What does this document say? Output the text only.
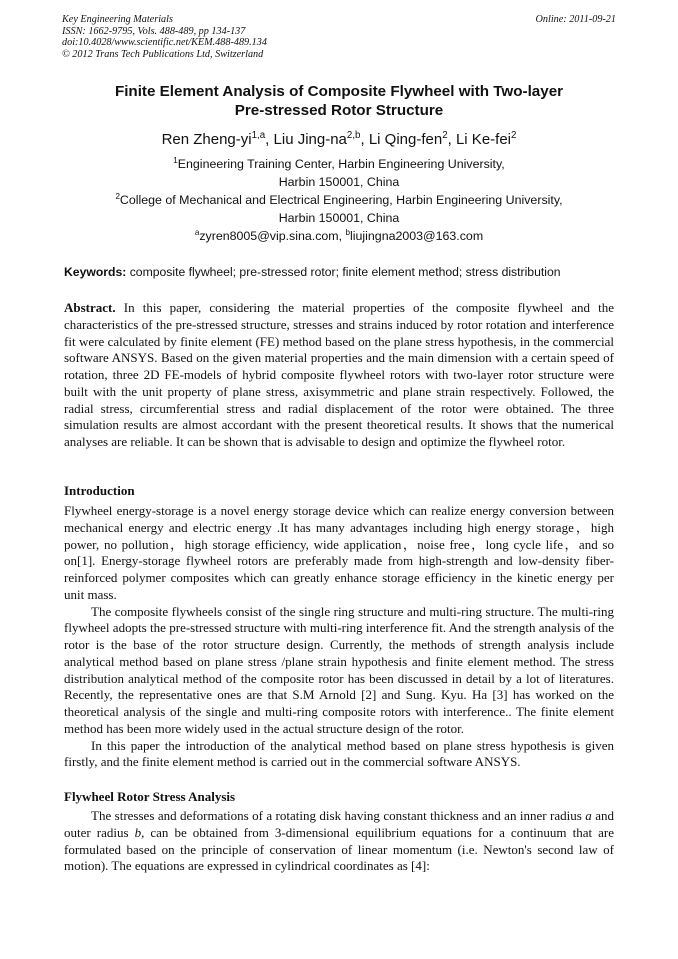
Key Engineering Materials
ISSN: 1662-9795, Vols. 488-489, pp 134-137
doi:10.4028/www.scientific.net/KEM.488-489.134
© 2012 Trans Tech Publications Ltd, Switzerland
Online: 2011-09-21
Finite Element Analysis of Composite Flywheel with Two-layer
Pre-stressed Rotor Structure
Ren Zheng-yi$^{1,a}$, Liu Jing-na$^{2,b}$, Li Qing-fen$^2$, Li Ke-fei$^2$
$^1$Engineering Training Center, Harbin Engineering University,
Harbin 150001, China
$^2$College of Mechanical and Electrical Engineering, Harbin Engineering University,
Harbin 150001, China
$^a$zyren8005@vip.sina.com, $^b$liujingna2003@163.com
Keywords: composite flywheel; pre-stressed rotor; finite element method; stress distribution

Abstract. In this paper, considering the material properties of the composite flywheel and the characteristics of the pre-stressed structure, stresses and strains induced by rotor rotation and interference fit were calculated by finite element (FE) method based on the plane stress hypothesis, in the commercial software ANSYS. Based on the given material properties and the main dimension with a certain speed of rotation, three 2D FE-models of hybrid composite flywheel rotors with two-layer rotor structure were built with the unit property of plane stress, axisymmetric and plane strain respectively. Followed, the radial stress, circumferential stress and radial displacement of the rotor were obtained. The three simulation results are almost accordant with the present theoretical results. It shows that the numerical analyses are reliable. It can be shown that is advisable to design and optimize the flywheel rotor.

Introduction

Flywheel energy-storage is a novel energy storage device which can realize energy conversion between mechanical energy and electric energy .It has many advantages including high energy storage，high power, no pollution，high storage efficiency, wide application，noise free，long cycle life，and so on[1]. Energy-storage flywheel rotors are preferably made from high-strength and low-density fiber-reinforced polymer composites which can greatly enhance storage efficiency in the kinetic energy per unit mass.

The composite flywheels consist of the single ring structure and multi-ring structure. The multi-ring flywheel adopts the pre-stressed structure with multi-ring interference fit. And the strength analysis of the rotor is the base of the rotor structure design. Currently, the methods of strength analysis include analytical method based on plane stress /plane strain hypothesis and finite element method. The stress distribution analytical method of the composite rotor has been discussed in detail by a lot of literatures. Recently, the representative ones are that S.M Arnold [2] and Sung. Kyu. Ha [3] has worked on the theoretical analysis of the single and multi-ring composite rotors with interference.. The finite element method has been more widely used in the actual structure design of the rotor.

In this paper the introduction of the analytical method based on plane stress hypothesis is given firstly, and the finite element method is carried out in the commercial software ANSYS.

Flywheel Rotor Stress Analysis

The stresses and deformations of a rotating disk having constant thickness and an inner radius a and outer radius b, can be obtained from 3-dimensional equilibrium equations for a continuum that are formulated based on the principle of conservation of linear momentum (i.e. Newton's second law of motion). The equations are expressed in cylindrical coordinates as [4]:
